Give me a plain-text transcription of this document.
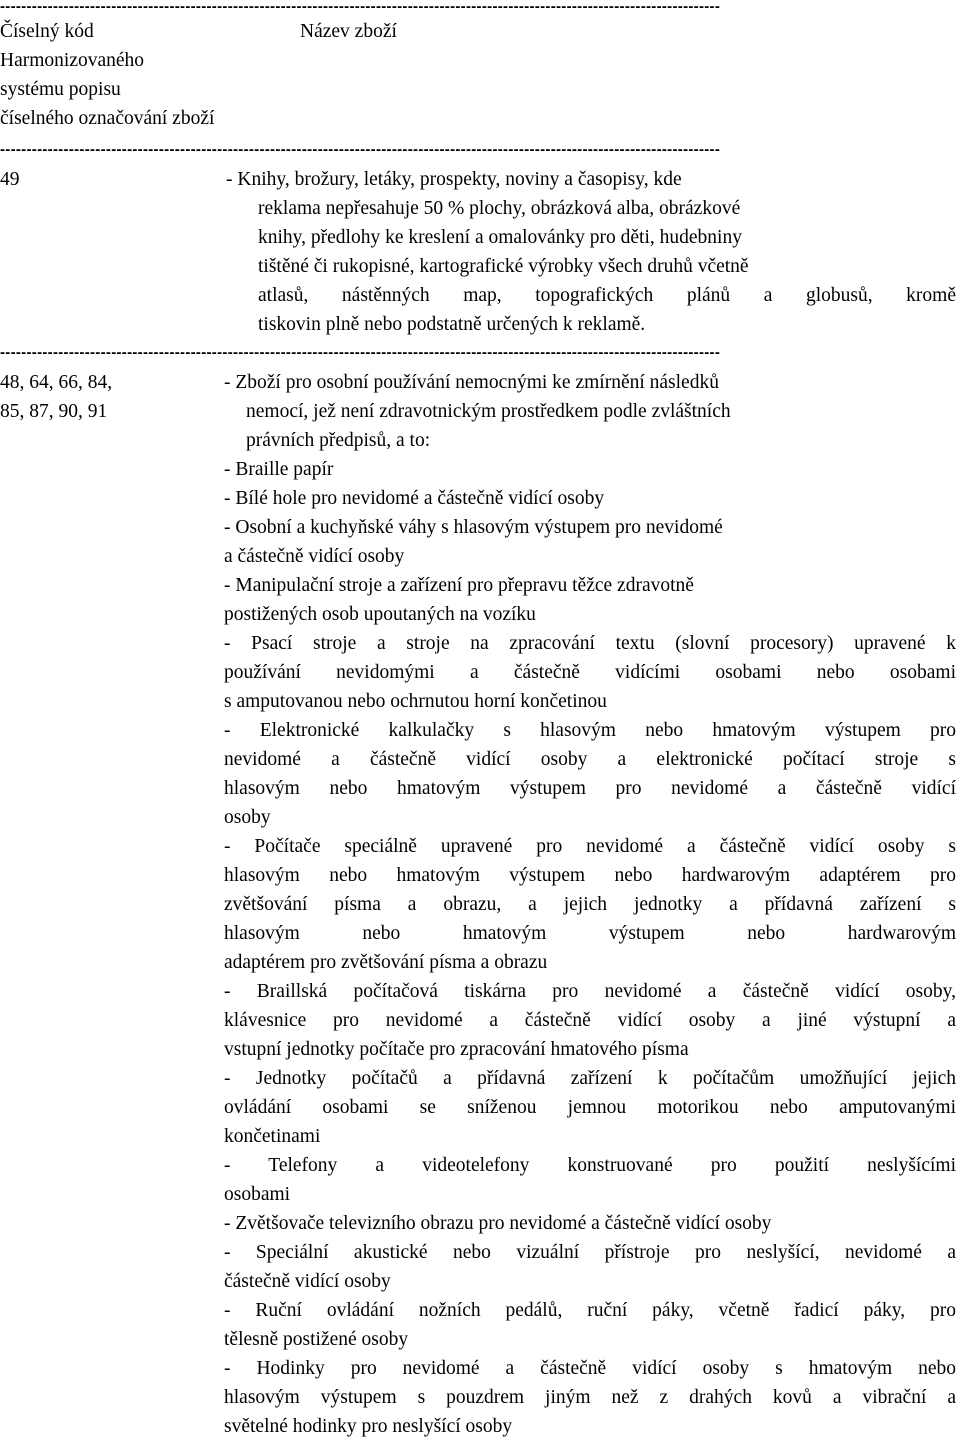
----------------------------------------------------------------------------------------------------------------------------------------
----------------------------------------------------------------------------------------------------------------------------------------
----------------------------------------------------------------------------------------------------------------------------------------
Číselný kód
Harmonizovaného
systému popisu
číselného označování zboží
Název zboží
49	- Knihy, brožury, letáky, prospekty, noviny a časopisy, kde
reklama nepřesahuje 50 % plochy, obrázková alba, obrázkové
knihy, předlohy ke kreslení a omalovánky pro děti, hudebniny
tištěné či rukopisné, kartografické výrobky všech druhů včetně
atlasů, nástěnných map, topografických plánů a globusů, kromě
tiskovin plně nebo podstatně určených k reklamě.
48, 64, 66, 84,
85, 87, 90, 91
- Zboží pro osobní používání nemocnými ke zmírnění následků
nemocí, jež není zdravotnickým prostředkem podle zvláštních
právních předpisů, a to:
- Braille papír
- Bílé hole pro nevidomé a částečně vidící osoby
- Osobní a kuchyňské váhy s hlasovým výstupem pro nevidomé
a částečně vidící osoby
- Manipulační stroje a zařízení pro přepravu těžce zdravotně
postižených osob upoutaných na vozíku
- Psací stroje a stroje na zpracování textu (slovní procesory) upravené k
používání nevidomými a částečně vidícími osobami nebo osobami
s amputovanou nebo ochrnutou horní končetinou
- Elektronické kalkulačky s hlasovým nebo hmatovým výstupem pro
nevidomé a částečně vidící osoby a elektronické počítací stroje s
hlasovým nebo hmatovým výstupem pro nevidomé a částečně vidící
osoby
- Počítače speciálně upravené pro nevidomé a částečně vidící osoby s
hlasovým nebo hmatovým výstupem nebo hardwarovým adaptérem pro
zvětšování písma a obrazu, a jejich jednotky a přídavná zařízení s
hlasovým nebo hmatovým výstupem nebo hardwarovým
adaptérem pro zvětšování písma a obrazu
- Braillská počítačová tiskárna pro nevidomé a částečně vidící osoby,
klávesnice pro nevidomé a částečně vidící osoby a jiné výstupní a
vstupní jednotky počítače pro zpracování hmatového písma
- Jednotky počítačů a přídavná zařízení k počítačům umožňující jejich
ovládání osobami se sníženou jemnou motorikou nebo amputovanými
končetinami
- Telefony a videotelefony konstruované pro použití neslyšícími
osobami
- Zvětšovače televizního obrazu pro nevidomé a částečně vidící osoby
- Speciální akustické nebo vizuální přístroje pro neslyšící, nevidomé a
částečně vidící osoby
- Ruční ovládání nožních pedálů, ruční páky, včetně řadicí páky, pro
tělesně postižené osoby
- Hodinky pro nevidomé a částečně vidící osoby s hmatovým nebo
hlasovým výstupem s pouzdrem jiným než z drahých kovů a vibrační a
světelné hodinky pro neslyšící osoby
